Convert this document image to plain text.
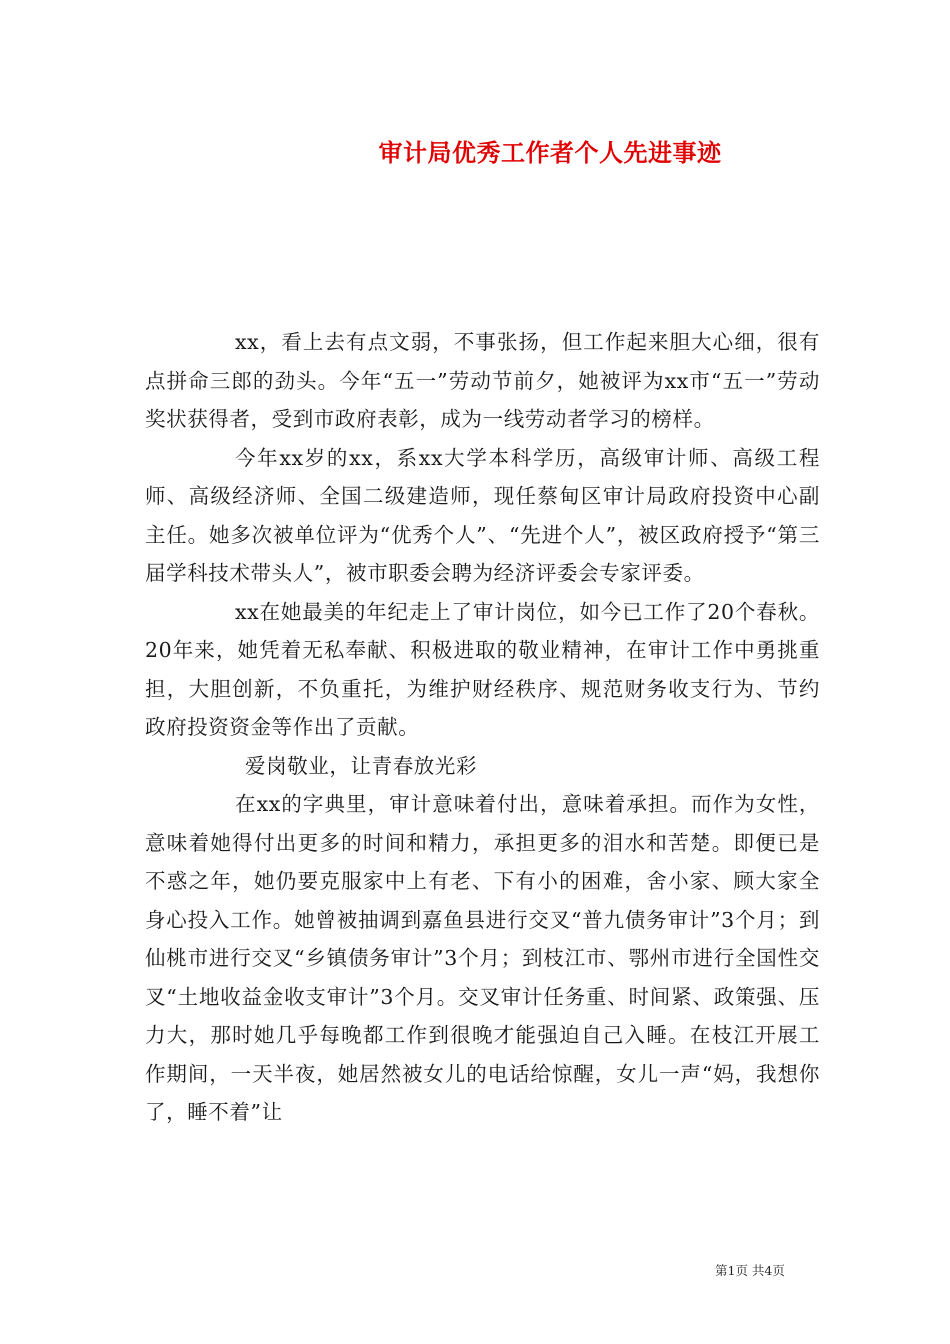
审计局优秀工作者个人先进事迹

xx，看上去有点文弱，不事张扬，但工作起来胆大心细，很有点拼命三郎的劲头。今年“五一”劳动节前夕，她被评为xx市“五一”劳动奖状获得者，受到市政府表彰，成为一线劳动者学习的榜样。

今年xx岁的xx，系xx大学本科学历，高级审计师、高级工程师、高级经济师、全国二级建造师，现任蔡甸区审计局政府投资中心副主任。她多次被单位评为“优秀个人”、“先进个人”，被区政府授予“第三届学科技术带头人”，被市职委会聘为经济评委会专家评委。

xx在她最美的年纪走上了审计岗位，如今已工作了20个春秋。20年来，她凭着无私奉献、积极进取的敬业精神，在审计工作中勇挑重担，大胆创新，不负重托，为维护财经秩序、规范财务收支行为、节约政府投资资金等作出了贡献。

爱岗敬业，让青春放光彩

在xx的字典里，审计意味着付出，意味着承担。而作为女性，意味着她得付出更多的时间和精力，承担更多的泪水和苦楚。即便已是不惑之年，她仍要克服家中上有老、下有小的困难，舍小家、顾大家全身心投入工作。她曾被抽调到嘉鱼县进行交叉“普九债务审计”3个月；到仙桃市进行交叉“乡镇债务审计”3个月；到枝江市、鄂州市进行全国性交叉“土地收益金收支审计”3个月。交叉审计任务重、时间紧、政策强、压力大，那时她几乎每晚都工作到很晚才能强迫自己入睡。在枝江开展工作期间，一天半夜，她居然被女儿的电话给惊醒，女儿一声“妈，我想你了，睡不着”让

第1页 共4页
